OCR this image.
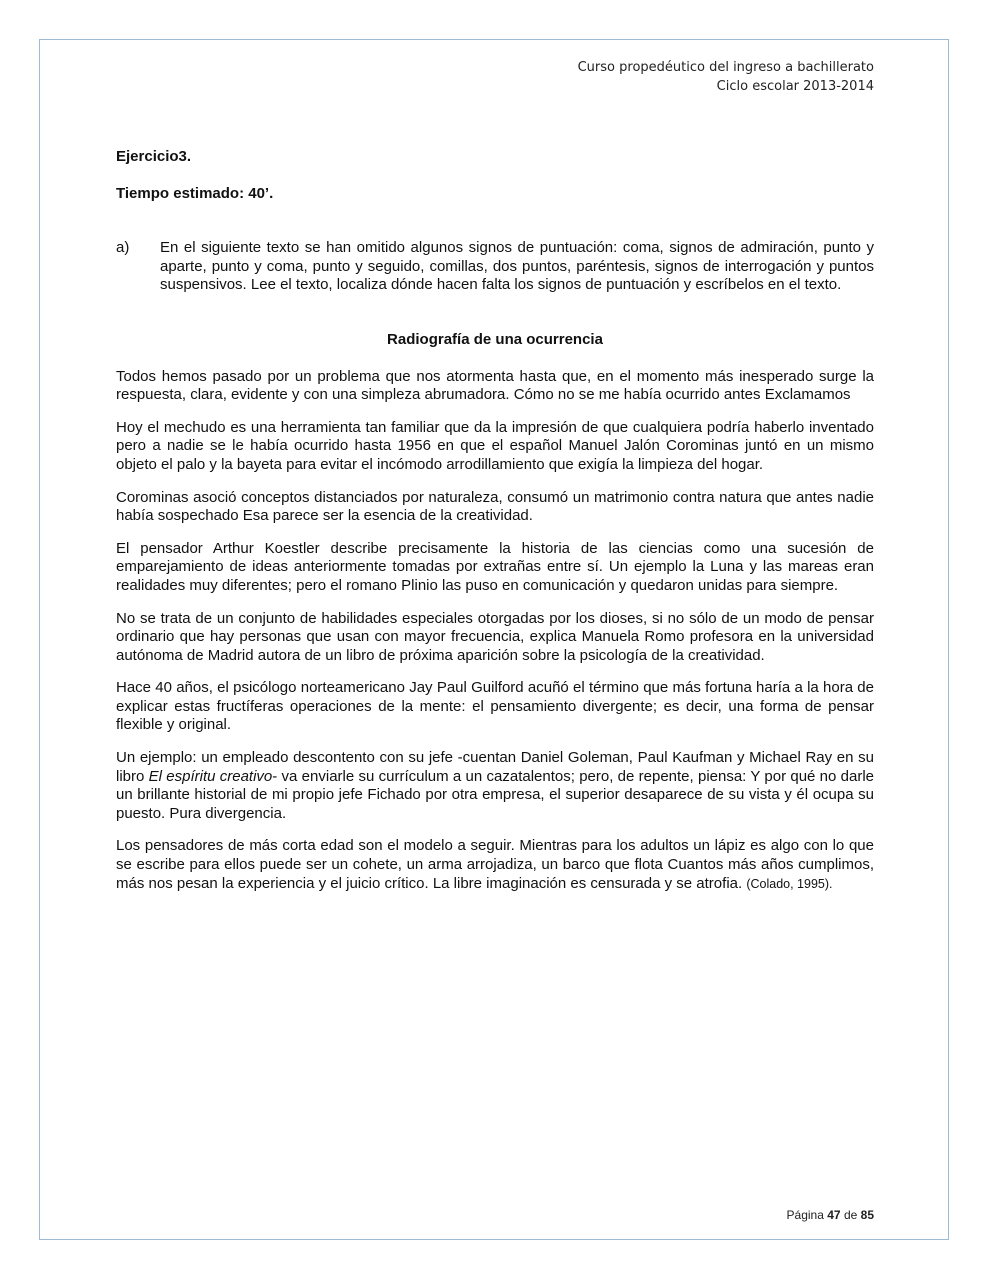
Curso propedéutico del ingreso a bachillerato
Ciclo escolar 2013-2014

Ejercicio3.

Tiempo estimado: 40’.

a)	En el siguiente texto se han omitido algunos signos de puntuación: coma, signos de admiración, punto y aparte, punto y coma, punto y seguido, comillas, dos puntos, paréntesis, signos de interrogación y puntos suspensivos. Lee el texto, localiza dónde hacen falta los signos de puntuación y escríbelos en el texto.
Radiografía de una ocurrencia

Todos hemos pasado por un problema que nos atormenta hasta que, en el momento más inesperado surge la respuesta, clara, evidente y con una simpleza abrumadora. Cómo no se me había ocurrido antes Exclamamos

Hoy el mechudo es una herramienta tan familiar que da la impresión de que cualquiera podría haberlo inventado pero a nadie se le había ocurrido hasta 1956 en que el español Manuel Jalón Corominas juntó en un mismo objeto el palo y la bayeta para evitar el incómodo arrodillamiento que exigía la limpieza del hogar.

Corominas asoció conceptos distanciados por naturaleza, consumó un matrimonio contra natura que antes nadie había sospechado Esa parece ser la esencia de la creatividad.

El pensador Arthur Koestler describe precisamente la historia de las ciencias como una sucesión de emparejamiento de ideas anteriormente tomadas por extrañas entre sí. Un ejemplo la Luna y las mareas eran realidades muy diferentes; pero el romano Plinio las puso en comunicación y quedaron unidas para siempre.

No se trata de un conjunto de habilidades especiales otorgadas por los dioses, si no sólo de un modo de pensar ordinario que hay personas que usan con mayor frecuencia, explica Manuela Romo profesora en la universidad autónoma de Madrid autora de un libro de próxima aparición sobre la psicología de la creatividad.

Hace 40 años, el psicólogo norteamericano Jay Paul Guilford acuñó el término que más fortuna haría a la hora de explicar estas fructíferas operaciones de la mente: el pensamiento divergente; es decir, una forma de pensar flexible y original.

Un ejemplo: un empleado descontento con su jefe -cuentan Daniel Goleman, Paul Kaufman y Michael Ray en su libro El espíritu creativo- va enviarle su currículum a un cazatalentos; pero, de repente, piensa: Y por qué no darle un brillante historial de mi propio jefe Fichado por otra empresa, el superior desaparece de su vista y él ocupa su puesto. Pura divergencia.

Los pensadores de más corta edad son el modelo a seguir. Mientras para los adultos un lápiz es algo con lo que se escribe para ellos puede ser un cohete, un arma arrojadiza, un barco que flota Cuantos más años cumplimos, más nos pesan la experiencia y el juicio crítico. La libre imaginación es censurada y se atrofia. (Colado, 1995).

Página 47 de 85
